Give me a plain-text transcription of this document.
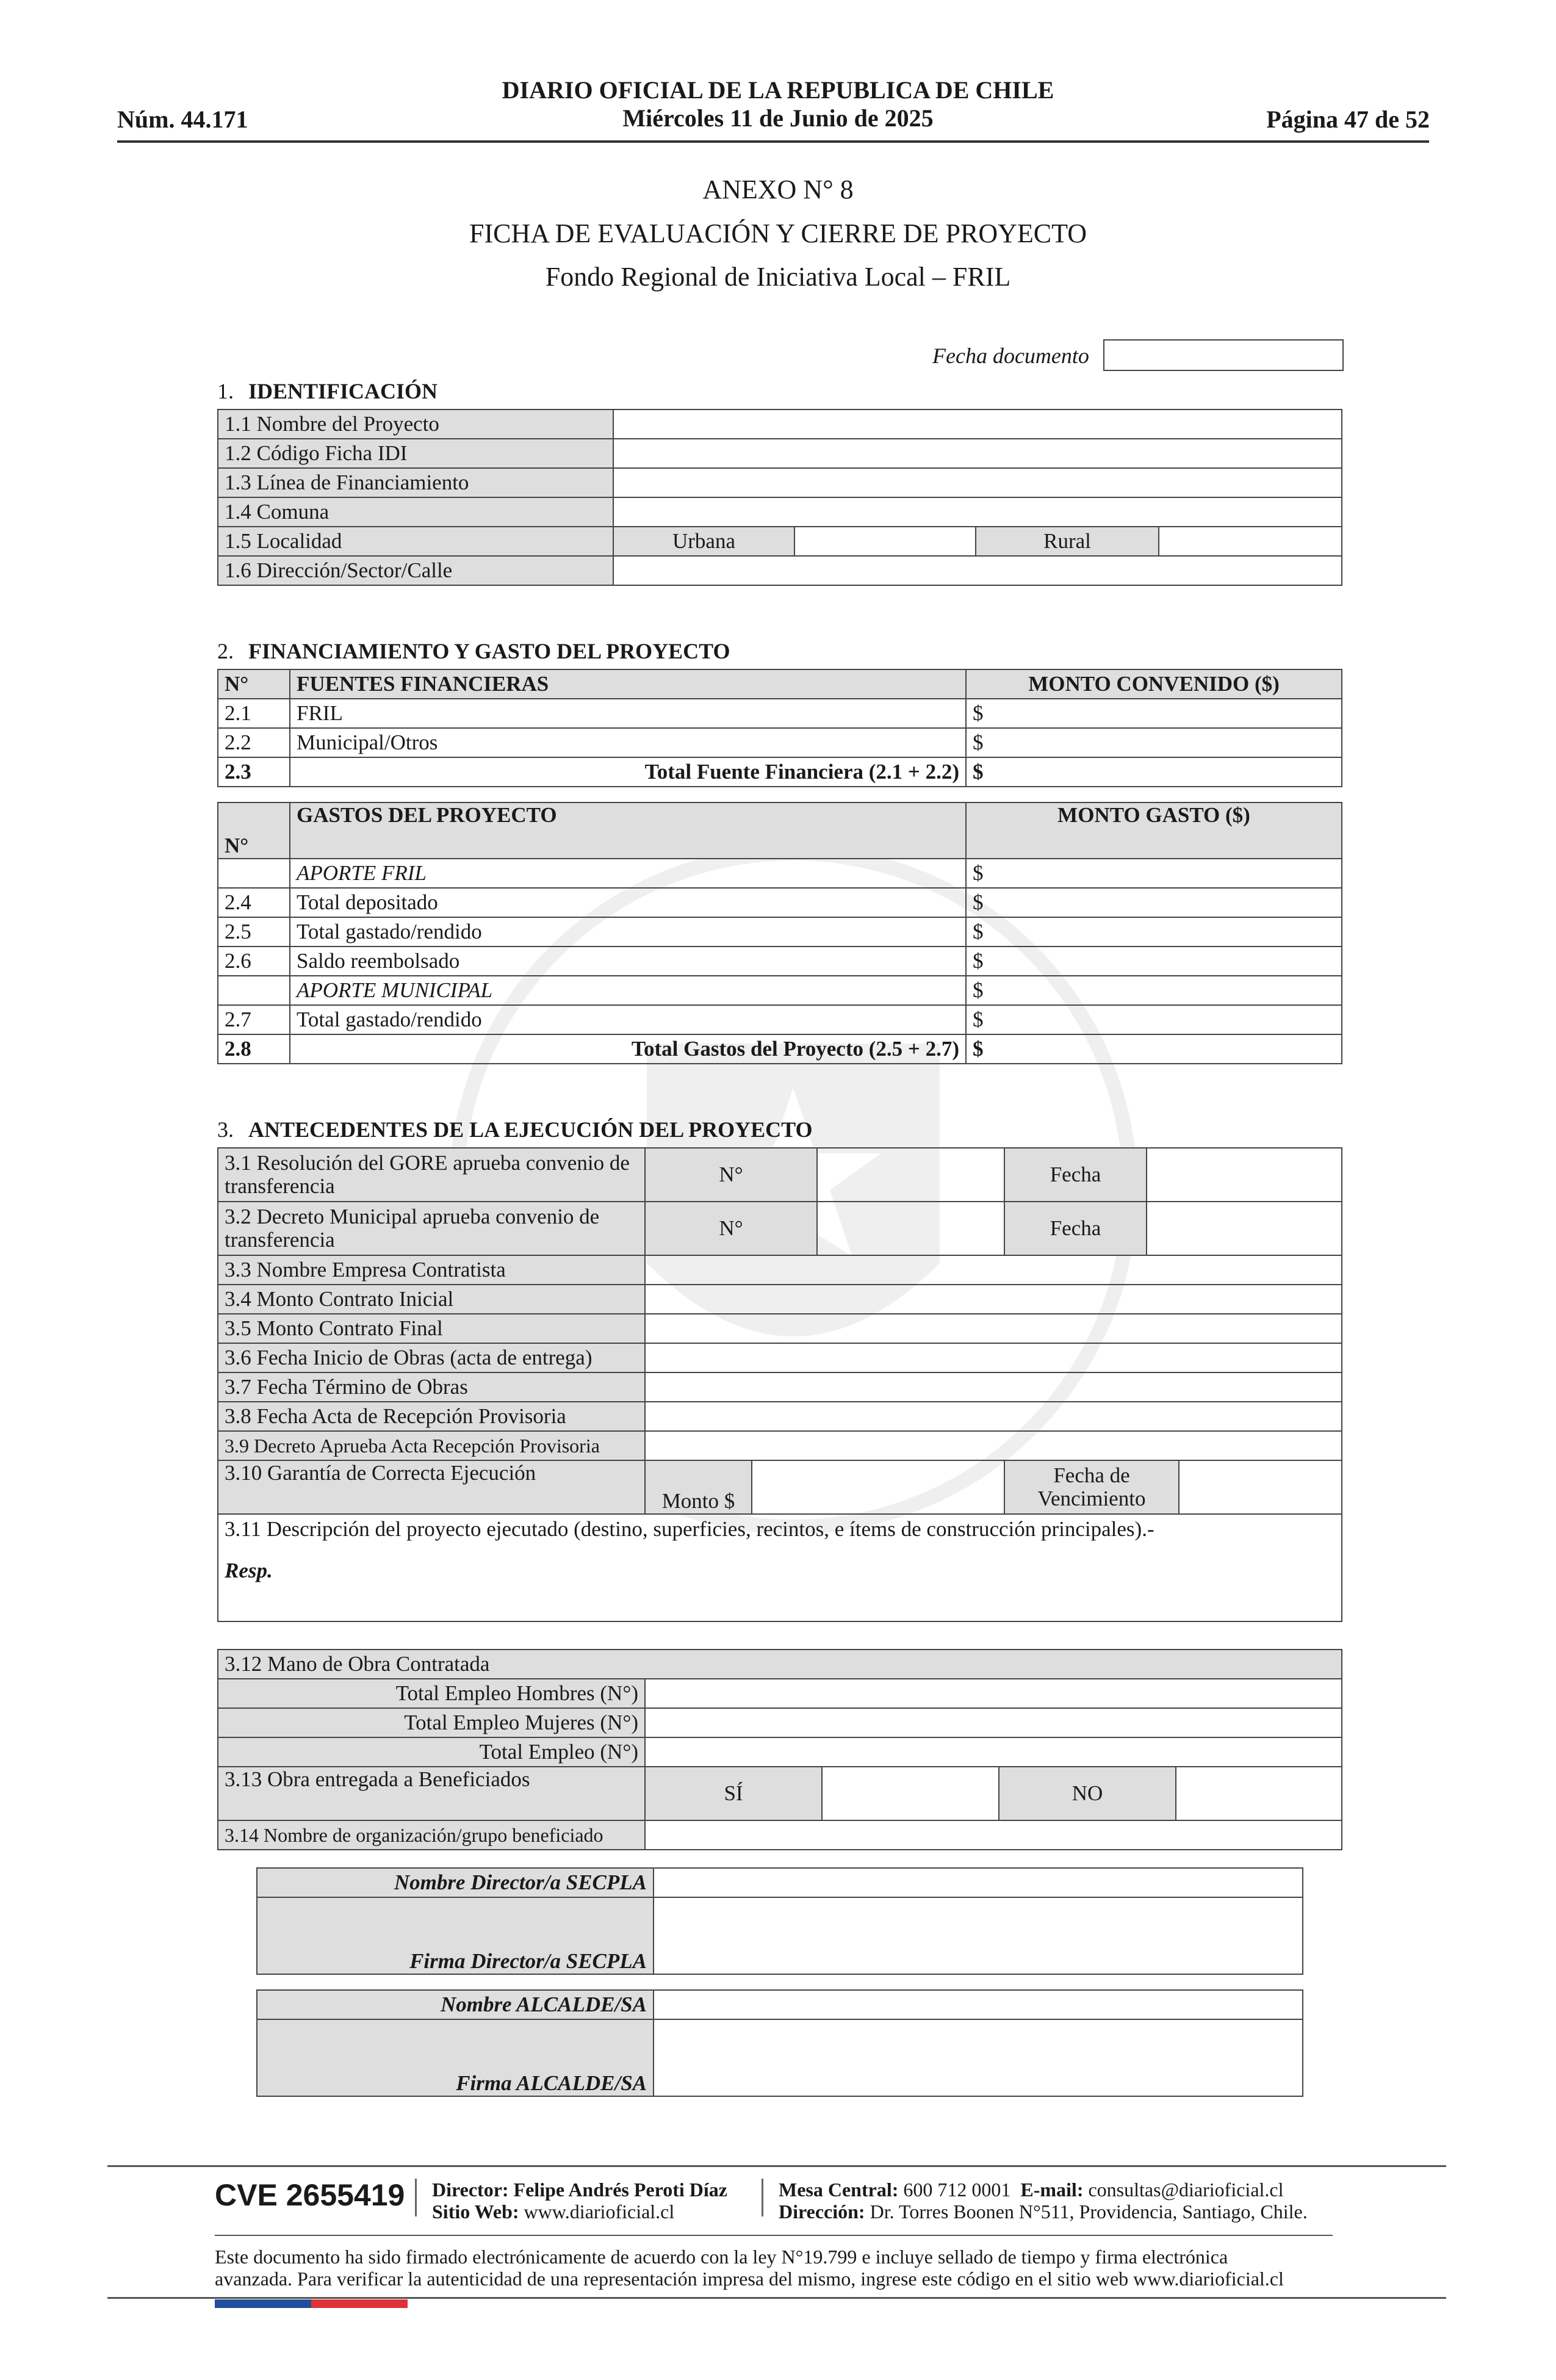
DIARIO OFICIAL DE LA REPUBLICA DE CHILE
Miércoles 11 de Junio de 2025
Núm. 44.171	Página 47 de 52
ANEXO N° 8
FICHA DE EVALUACIÓN Y CIERRE DE PROYECTO
Fondo Regional de Iniciativa Local – FRIL
Fecha documento
1. IDENTIFICACIÓN
1.1 Nombre del Proyecto				
1.2 Código Ficha IDI				
1.3 Línea de Financiamiento				
1.4 Comuna				
1.5 Localidad	Urbana		Rural	
1.6 Dirección/Sector/Calle				
2. FINANCIAMIENTO Y GASTO DEL PROYECTO
N°	FUENTES FINANCIERAS	MONTO CONVENIDO ($)
2.1	FRIL	$
2.2	Municipal/Otros	$
2.3	Total Fuente Financiera (2.1 + 2.2)	$
N°	GASTOS DEL PROYECTO	MONTO GASTO ($)
	APORTE FRIL	$
2.4	Total depositado	$
2.5	Total gastado/rendido	$
2.6	Saldo reembolsado	$
	APORTE MUNICIPAL	$
2.7	Total gastado/rendido	$
2.8	Total Gastos del Proyecto (2.5 + 2.7)	$
3. ANTECEDENTES DE LA EJECUCIÓN DEL PROYECTO
3.1 Resolución del GORE aprueba convenio de transferencia	N°			Fecha		
3.2 Decreto Municipal aprueba convenio de transferencia	N°			Fecha		
3.3 Nombre Empresa Contratista						
3.4 Monto Contrato Inicial						
3.5 Monto Contrato Final						
3.6 Fecha Inicio de Obras (acta de entrega)						
3.7 Fecha Término de Obras						
3.8 Fecha Acta de Recepción Provisoria						
3.9 Decreto Aprueba Acta Recepción Provisoria						
3.10 Garantía de Correcta Ejecución	Monto $			Fecha de Vencimiento		

3.11 Descripción del proyecto ejecutado (destino, superficies, recintos, e ítems de construcción principales).-
Resp.						
3.12 Mano de Obra Contratada				
Total Empleo Hombres (N°)				
Total Empleo Mujeres (N°)				
Total Empleo (N°)				
3.13 Obra entregada a Beneficiados	SÍ		NO	
3.14 Nombre de organización/grupo beneficiado				
Nombre Director/a SECPLA	
Firma Director/a SECPLA	
Nombre ALCALDE/SA	
Firma ALCALDE/SA	
CVE 2655419 Director: Felipe Andrés Peroti Díaz
Sitio Web: www.diarioficial.cl
Mesa Central: 600 712 0001 E-mail: consultas@diarioficial.cl
Dirección: Dr. Torres Boonen N°511, Providencia, Santiago, Chile.
Este documento ha sido firmado electrónicamente de acuerdo con la ley N°19.799 e incluye sellado de tiempo y firma electrónica
avanzada. Para verificar la autenticidad de una representación impresa del mismo, ingrese este código en el sitio web www.diarioficial.cl
